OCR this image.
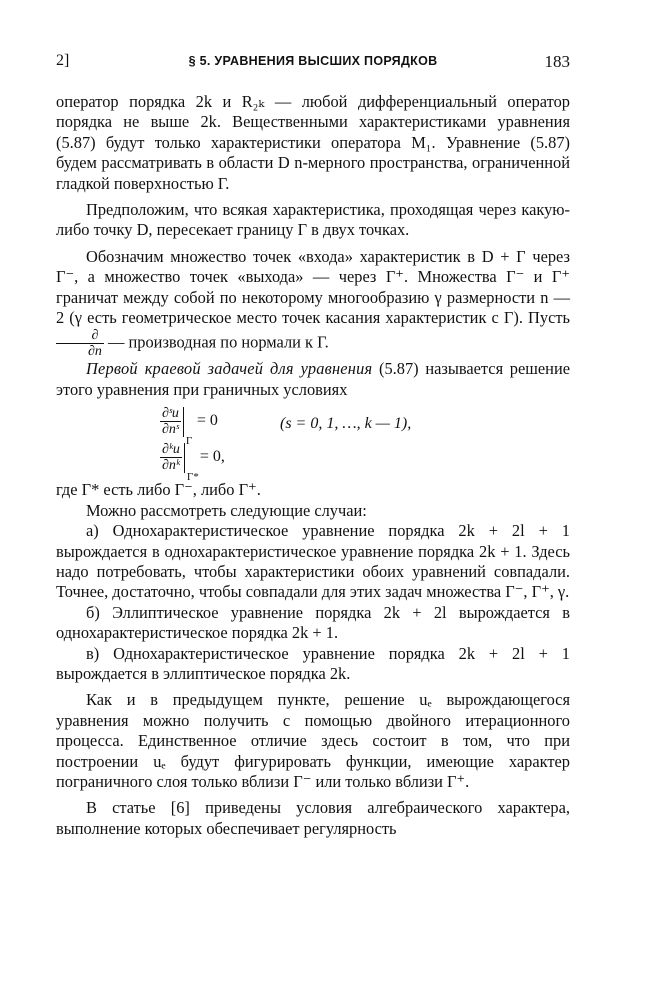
2]	§ 5. УРАВНЕНИЯ ВЫСШИХ ПОРЯДКОВ	183

оператор порядка 2k и R₂ₖ — любой дифференциальный оператор порядка не выше 2k. Вещественными характеристиками уравнения (5.87) будут только характеристики оператора M₁. Уравнение (5.87) будем рассматривать в области D n-мерного пространства, ограниченной гладкой поверхностью Γ.

Предположим, что всякая характеристика, проходящая через какую-либо точку D, пересекает границу Γ в двух точках.

Обозначим множество точек «входа» характеристик в D + Γ через Γ⁻, а множество точек «выхода» — через Γ⁺. Множества Γ⁻ и Γ⁺ граничат между собой по некоторому многообразию γ размерности n — 2 (γ есть геометрическое место точек касания характеристик с Γ). Пусть
$\frac{\partial}{\partial n}$ — производная по нормали к Γ.

Первой краевой задачей для уравнения (5.87) называется решение этого уравнения при граничных условиях

$\frac{\text{∂ˢu}}{\text{∂nˢ}}$
Γ
= 0	(s = 0, 1, …, k — 1),
$\frac{\text{∂ᵏu}}{\text{∂nᵏ}}$
Γ*
= 0,

где Γ* есть либо Γ⁻, либо Γ⁺.

Можно рассмотреть следующие случаи:

а) Однохарактеристическое уравнение порядка 2k + 2l + 1 вырождается в однохарактеристическое уравнение порядка 2k + 1. Здесь надо потребовать, чтобы характеристики обоих уравнений совпадали. Точнее, достаточно, чтобы совпадали для этих задач множества Γ⁻, Γ⁺, γ.

б) Эллиптическое уравнение порядка 2k + 2l вырождается в однохарактеристическое порядка 2k + 1.

в) Однохарактеристическое уравнение порядка 2k + 2l + 1 вырождается в эллиптическое порядка 2k.

Как и в предыдущем пункте, решение uₑ вырождающегося уравнения можно получить с помощью двойного итерационного процесса. Единственное отличие здесь состоит в том, что при построении uₑ будут фигурировать функции, имеющие характер пограничного слоя только вблизи Γ⁻ или только вблизи Γ⁺.

В статье [6] приведены условия алгебраического характера, выполнение которых обеспечивает регулярность
